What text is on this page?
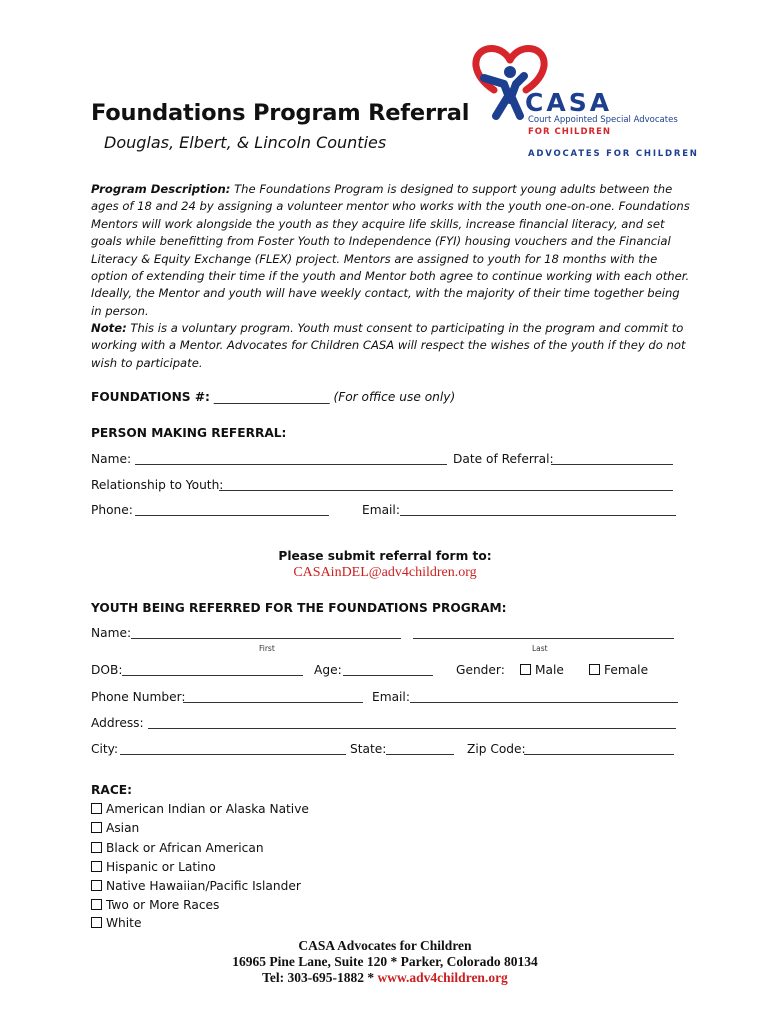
Foundations Program Referral
Douglas, Elbert, & Lincoln Counties
CASA
Court Appointed Special Advocates
FOR CHILDREN
ADVOCATES FOR CHILDREN
Program Description: The Foundations Program is designed to support young adults between the ages of 18 and 24 by assigning a volunteer mentor who works with the youth one-on-one. Foundations Mentors will work alongside the youth as they acquire life skills, increase financial literacy, and set goals while benefitting from Foster Youth to Independence (FYI) housing vouchers and the Financial Literacy & Equity Exchange (FLEX) project. Mentors are assigned to youth for 18 months with the option of extending their time if the youth and Mentor both agree to continue working with each other. Ideally, the Mentor and youth will have weekly contact, with the majority of their time together being in person.
Note: This is a voluntary program. Youth must consent to participating in the program and commit to working with a Mentor. Advocates for Children CASA will respect the wishes of the youth if they do not wish to participate.
FOUNDATIONS #: ___________________ (For office use only)
PERSON MAKING REFERRAL:
Name:	Date of Referral:
Relationship to Youth:
Phone:	Email:
Please submit referral form to:
CASAinDEL@adv4children.org
YOUTH BEING REFERRED FOR THE FOUNDATIONS PROGRAM:
Name:
First	Last
DOB:	Age:	Gender:	Male	Female
Phone Number:	Email:
Address:
City:	State:	Zip Code:
RACE:
American Indian or Alaska Native
Asian
Black or African American
Hispanic or Latino
Native Hawaiian/Pacific Islander
Two or More Races
White
CASA Advocates for Children
16965 Pine Lane, Suite 120 * Parker, Colorado 80134
Tel: 303-695-1882 * www.adv4children.org
